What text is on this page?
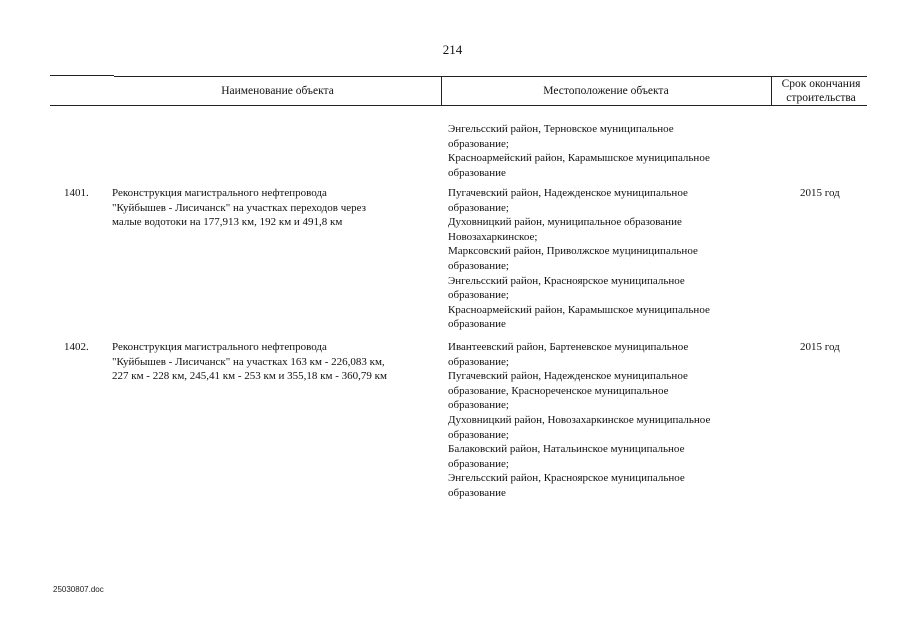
214
Наименование объекта	Местоположение объекта
Срок окончания
строительства
Энгельсский район, Терновское муниципальное
образование;
Красноармейский район, Карамышское муниципальное
образование
1401. Реконструкция магистрального нефтепровода
"Куйбышев - Лисичанск" на участках переходов через
малые водотоки на 177,913 км, 192 км и 491,8 км
Пугачевский район, Надежденское муниципальное
образование;
Духовницкий район, муниципальное образование
Новозахаркинское;
Марксовский район, Приволжское муциниципальное
образование;
Энгельсский район, Красноярское муниципальное
образование;
Красноармейский район, Карамышское муниципальное
образование
2015 год
1402. Реконструкция магистрального нефтепровода
"Куйбышев - Лисичанск" на участках 163 км - 226,083 км,
227 км - 228 км, 245,41 км - 253 км и 355,18 км - 360,79 км
Ивантеевский район, Бартеневское муниципальное
образование;
Пугачевский район, Надежденское муниципальное
образование, Краснореченское муниципальное
образование;
Духовницкий район, Новозахаркинское муниципальное
образование;
Балаковский район, Натальинское муниципальное
образование;
Энгельсский район, Красноярское муниципальное
образование
2015 год
25030807.doc
